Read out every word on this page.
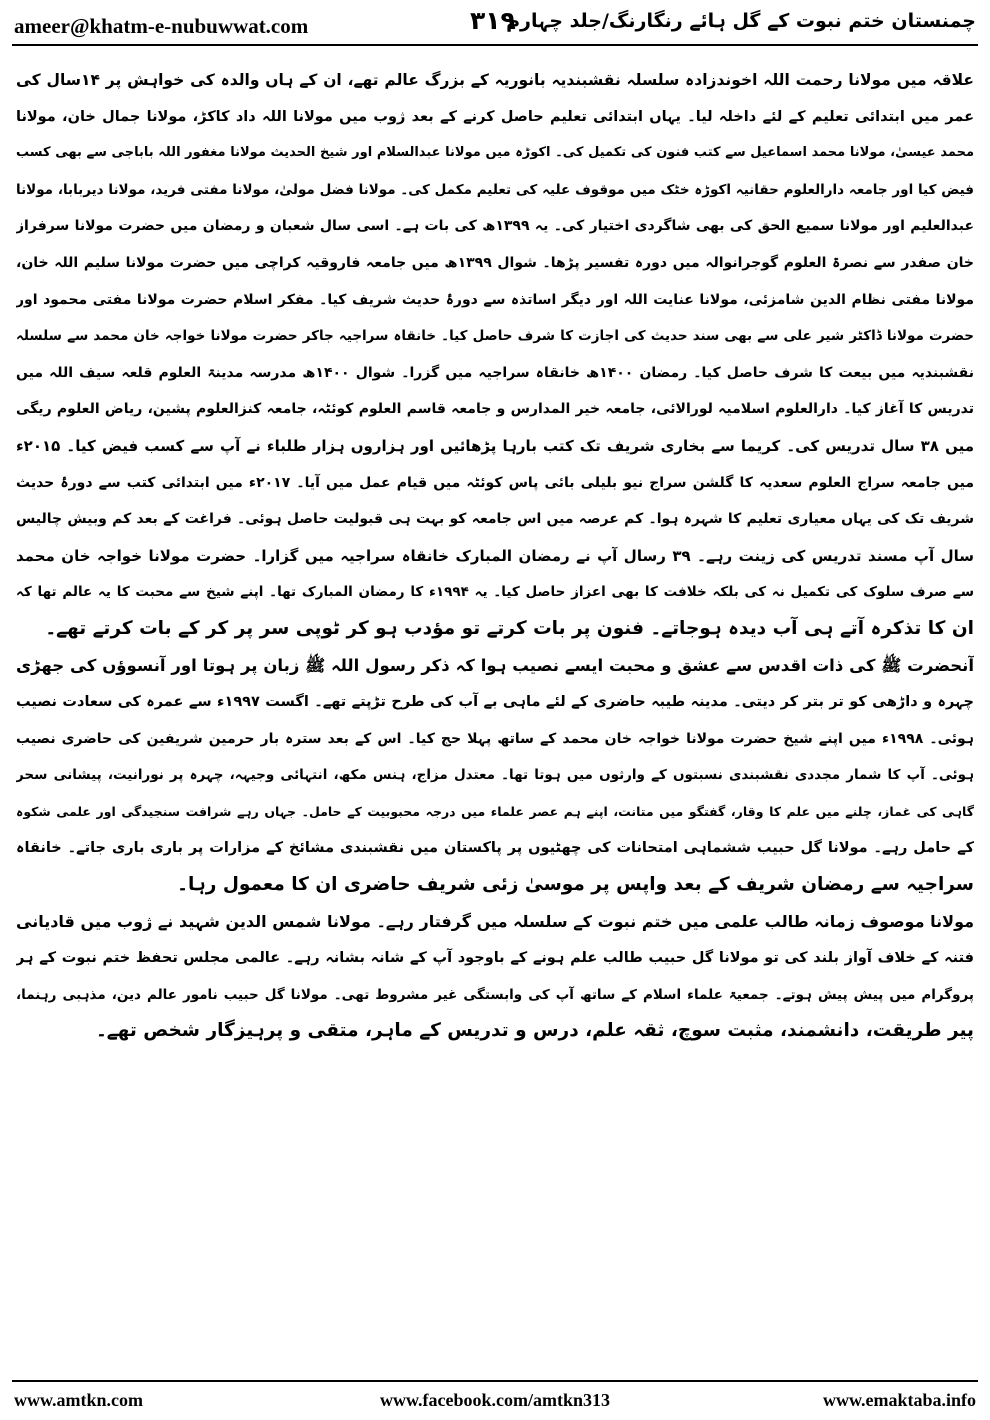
ameer@khatm-e-nubuwwat.com	۳۱۹
چمنستان ختم نبوت کے گل ہائے رنگارنگ/جلد چہارم

علاقہ میں مولانا رحمت اللہ اخوندزادہ سلسلہ نقشبندیہ بانوریہ کے بزرگ عالم تھے، ان کے ہاں والدہ کی خواہش پر ۱۴سال کی
عمر میں ابتدائی تعلیم کے لئے داخلہ لیا۔ یہاں ابتدائی تعلیم حاصل کرنے کے بعد ژوب میں مولانا اللہ داد کاکڑ، مولانا جمال خان، مولانا
محمد عیسیٰ، مولانا محمد اسماعیل سے کتب فنون کی تکمیل کی۔ اکوڑہ میں مولانا عبدالسلام اور شیخ الحدیث مولانا مغفور اللہ باباجی سے بھی کسب
فیض کیا اور جامعہ دارالعلوم حقانیہ اکوڑہ خٹک میں موقوف علیہ کی تعلیم مکمل کی۔ مولانا فضل مولیٰ، مولانا مفتی فرید، مولانا دیربابا، مولانا
عبدالعلیم اور مولانا سمیع الحق کی بھی شاگردی اختیار کی۔ یہ ۱۳۹۹ھ کی بات ہے۔ اسی سال شعبان و رمضان میں حضرت مولانا سرفراز
خان صفدر سے نصرۃ العلوم گوجرانوالہ میں دورہ تفسیر پڑھا۔ شوال ۱۳۹۹ھ میں جامعہ فاروقیہ کراچی میں حضرت مولانا سلیم اللہ خان،
مولانا مفتی نظام الدین شامزئی، مولانا عنایت اللہ اور دیگر اساتذہ سے دورۂ حدیث شریف کیا۔ مفکر اسلام حضرت مولانا مفتی محمود اور
حضرت مولانا ڈاکٹر شیر علی سے بھی سند حدیث کی اجازت کا شرف حاصل کیا۔ خانقاہ سراجیہ جاکر حضرت مولانا خواجہ خان محمد سے سلسلہ
نقشبندیہ میں بیعت کا شرف حاصل کیا۔ رمضان ۱۴۰۰ھ خانقاہ سراجیہ میں گزرا۔ شوال ۱۴۰۰ھ مدرسہ مدینۃ العلوم قلعہ سیف اللہ میں
تدریس کا آغاز کیا۔ دارالعلوم اسلامیہ لورالائی، جامعہ خیر المدارس و جامعہ قاسم العلوم کوئٹہ، جامعہ کنزالعلوم پشین، ریاض العلوم ریگی
میں ۳۸ سال تدریس کی۔ کریما سے بخاری شریف تک کتب بارہا پڑھائیں اور ہزاروں ہزار طلباء نے آپ سے کسب فیض کیا۔ ۲۰۱۵ء
میں جامعہ سراج العلوم سعدیہ کا گلشن سراج نیو بلیلی بائی پاس کوئٹہ میں قیام عمل میں آیا۔ ۲۰۱۷ء میں ابتدائی کتب سے دورۂ حدیث
شریف تک کی یہاں معیاری تعلیم کا شہرہ ہوا۔ کم عرصہ میں اس جامعہ کو بہت ہی قبولیت حاصل ہوئی۔ فراغت کے بعد کم وبیش چالیس
سال آپ مسند تدریس کی زینت رہے۔ ۳۹ رسال آپ نے رمضان المبارک خانقاہ سراجیہ میں گزارا۔ حضرت مولانا خواجہ خان محمد
سے صرف سلوک کی تکمیل نہ کی بلکہ خلافت کا بھی اعزاز حاصل کیا۔ یہ ۱۹۹۴ء کا رمضان المبارک تھا۔ اپنے شیخ سے محبت کا یہ عالم تھا کہ
ان کا تذکرہ آتے ہی آب دیدہ ہوجاتے۔ فنون پر بات کرتے تو مؤدب ہو کر ٹوپی سر پر کر کے بات کرتے تھے۔

آنحضرت ﷺ کی ذات اقدس سے عشق و محبت ایسے نصیب ہوا کہ ذکر رسول اللہ ﷺ زبان پر ہوتا اور آنسوؤں کی جھڑی
چہرہ و داڑھی کو تر بتر کر دیتی۔ مدینہ طیبہ حاضری کے لئے ماہی بے آب کی طرح تڑپتے تھے۔ اگست ۱۹۹۷ء سے عمرہ کی سعادت نصیب
ہوئی۔ ۱۹۹۸ء میں اپنے شیخ حضرت مولانا خواجہ خان محمد کے ساتھ پہلا حج کیا۔ اس کے بعد سترہ بار حرمین شریفین کی حاضری نصیب
ہوئی۔ آپ کا شمار مجددی نقشبندی نسبتوں کے وارثوں میں ہوتا تھا۔ معتدل مزاج، ہنس مکھ، انتہائی وجیہہ، چہرہ پر نورانیت، پیشانی سحر
گاہی کی غماز، چلنے میں علم کا وقار، گفتگو میں متانت، اپنے ہم عصر علماء میں درجہ محبوبیت کے حامل۔ جہاں رہے شرافت سنجیدگی اور علمی شکوہ
کے حامل رہے۔ مولانا گل حبیب ششماہی امتحانات کی چھٹیوں پر پاکستان میں نقشبندی مشائخ کے مزارات پر باری باری جاتے۔ خانقاہ
سراجیہ سے رمضان شریف کے بعد واپس پر موسیٰ زئی شریف حاضری ان کا معمول رہا۔

مولانا موصوف زمانہ طالب علمی میں ختم نبوت کے سلسلہ میں گرفتار رہے۔ مولانا شمس الدین شہید نے ژوب میں قادیانی
فتنہ کے خلاف آواز بلند کی تو مولانا گل حبیب طالب علم ہونے کے باوجود آپ کے شانہ بشانہ رہے۔ عالمی مجلس تحفظ ختم نبوت کے ہر
پروگرام میں پیش پیش ہوتے۔ جمعیۃ علماء اسلام کے ساتھ آپ کی وابستگی غیر مشروط تھی۔ مولانا گل حبیب نامور عالم دین، مذہبی رہنما،
پیر طریقت، دانشمند، مثبت سوچ، ثقہ علم، درس و تدریس کے ماہر، متقی و پرہیزگار شخص تھے۔

www.amtkn.com	www.facebook.com/amtkn313	www.emaktaba.info
